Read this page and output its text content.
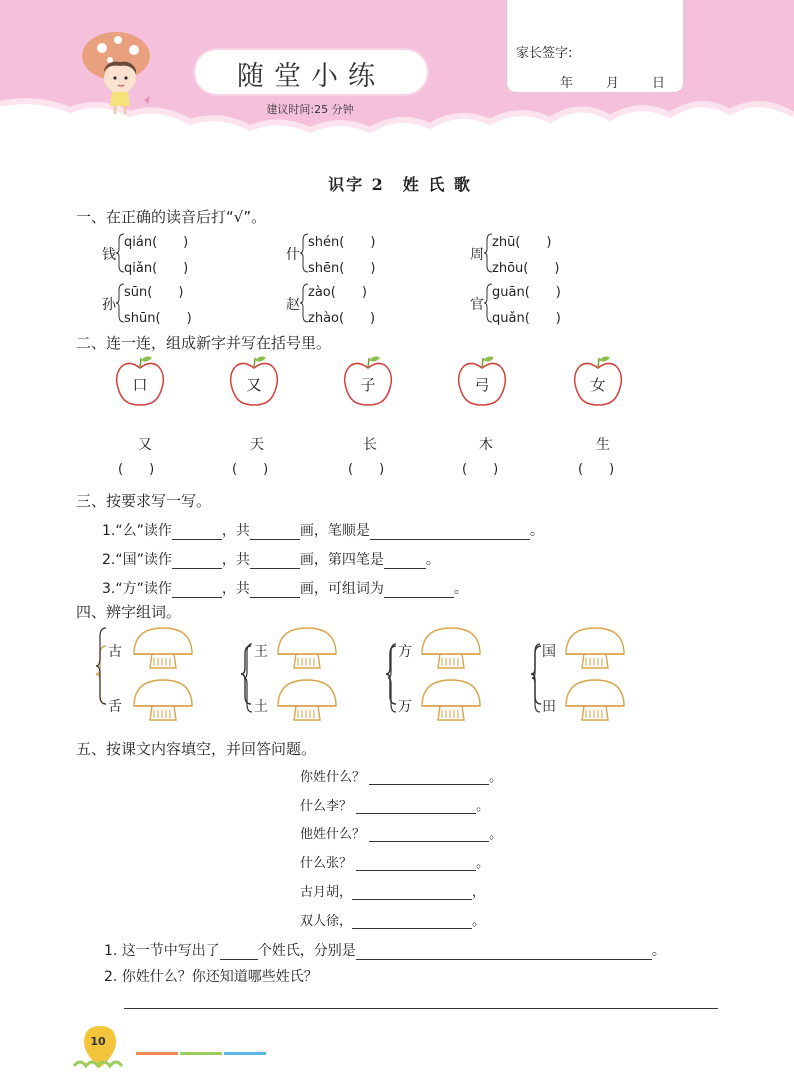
随堂小练
建议时间:25 分钟
家长签字:
年	月	日
识字 2　姓 氏 歌
一、在正确的读音后打“√”。
钱
qián(　　)
qiǎn(　　)
什
shén(　　)
shēn(　　)
周
zhū(　　)
zhōu(　　)
孙
sūn(　　)
shūn(　　)
赵
zào(　　)
zhào(　　)
官
guān(　　)
quǎn(　　)
二、连一连，组成新字并写在括号里。
口	又	子	弓	女
又	天	长	木	生
(　　)	(　　)	(　　)	(　　)	(　　)
三、按要求写一写。
1.“么”读作	，共	画，笔顺是	。
2.“国”读作	，共	画，第四笔是	。
3.“方”读作	，共	画，可组词为	。
四、辨字组词。
古
舌
王
土
方
万
国
田
五、按课文内容填空，并回答问题。
你姓什么？	。
什么李？	。
他姓什么？	。
什么张？	。
古月胡，	，
双人徐，	。
1. 这一节中写出了	个姓氏，分别是	。
2. 你姓什么？你还知道哪些姓氏？
10
